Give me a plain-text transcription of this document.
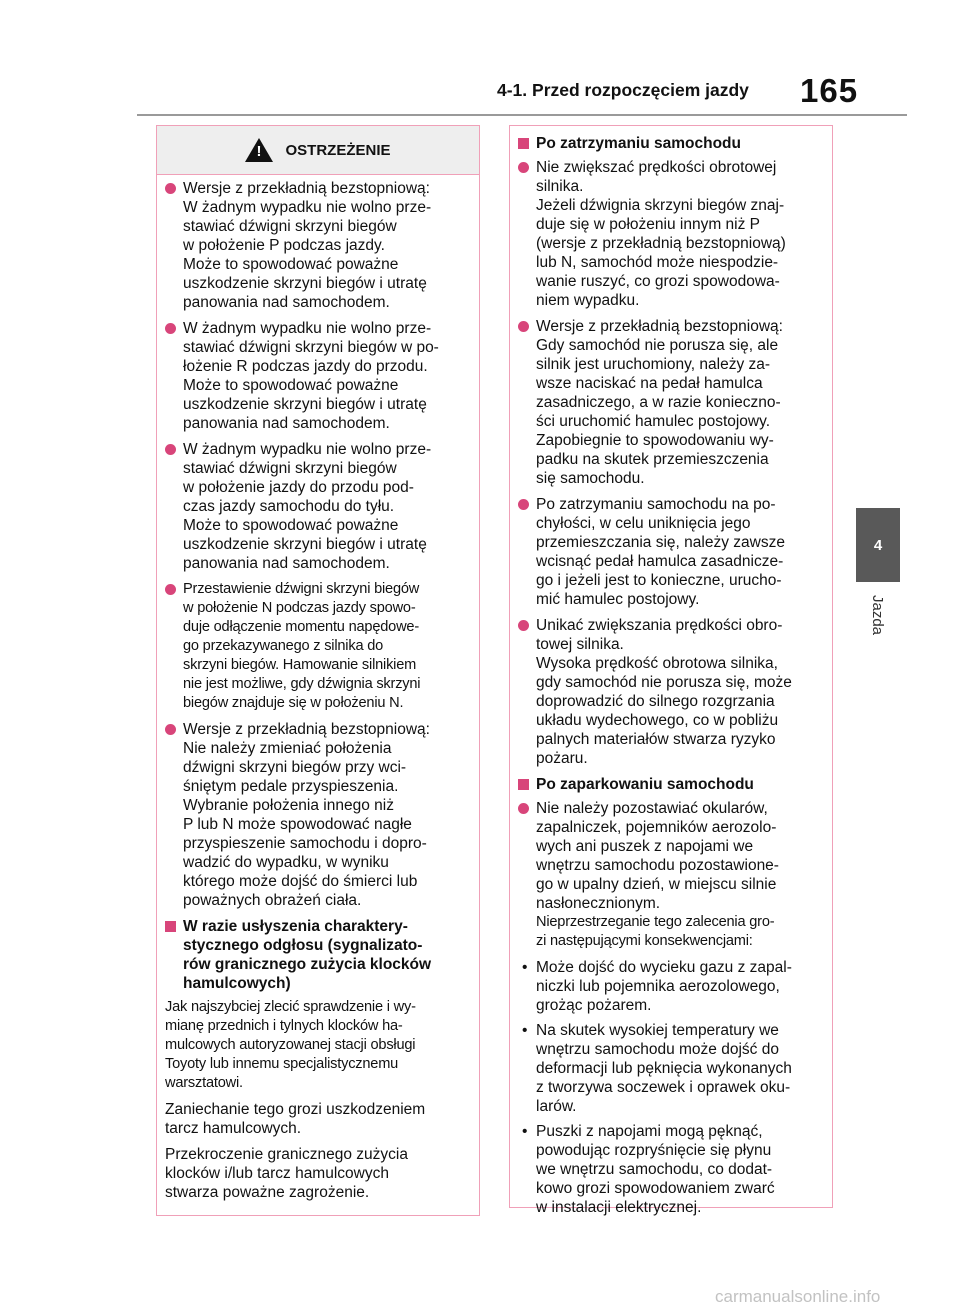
4-1. Przed rozpoczęciem jazdy 165
4
Jazda
!
OSTRZEŻENIE
Wersje z przekładnią bezstopniową:
W żadnym wypadku nie wolno prze-
stawiać dźwigni skrzyni biegów
w położenie P podczas jazdy.
Może to spowodować poważne
uszkodzenie skrzyni biegów i utratę
panowania nad samochodem.
W żadnym wypadku nie wolno prze-
stawiać dźwigni skrzyni biegów w po-
łożenie R podczas jazdy do przodu.
Może to spowodować poważne
uszkodzenie skrzyni biegów i utratę
panowania nad samochodem.
W żadnym wypadku nie wolno prze-
stawiać dźwigni skrzyni biegów
w położenie jazdy do przodu pod-
czas jazdy samochodu do tyłu.
Może to spowodować poważne
uszkodzenie skrzyni biegów i utratę
panowania nad samochodem.
Przestawienie dźwigni skrzyni biegów
w położenie N podczas jazdy spowo-
duje odłączenie momentu napędowe-
go przekazywanego z silnika do
skrzyni biegów. Hamowanie silnikiem
nie jest możliwe, gdy dźwignia skrzyni
biegów znajduje się w położeniu N.
Wersje z przekładnią bezstopniową:
Nie należy zmieniać położenia
dźwigni skrzyni biegów przy wci-
śniętym pedale przyspieszenia.
Wybranie położenia innego niż
P lub N może spowodować nagłe
przyspieszenie samochodu i dopro-
wadzić do wypadku, w wyniku
którego może dojść do śmierci lub
poważnych obrażeń ciała.
W razie usłyszenia charaktery-
stycznego odgłosu (sygnalizato-
rów granicznego zużycia klocków
hamulcowych)
Jak najszybciej zlecić sprawdzenie i wy-
mianę przednich i tylnych klocków ha-
mulcowych autoryzowanej stacji obsługi
Toyoty lub innemu specjalistycznemu
warsztatowi.
Zaniechanie tego grozi uszkodzeniem
tarcz hamulcowych.
Przekroczenie granicznego zużycia
klocków i/lub tarcz hamulcowych
stwarza poważne zagrożenie.
Po zatrzymaniu samochodu
Nie zwiększać prędkości obrotowej
silnika.
Jeżeli dźwignia skrzyni biegów znaj-
duje się w położeniu innym niż P
(wersje z przekładnią bezstopniową)
lub N, samochód może niespodzie-
wanie ruszyć, co grozi spowodowa-
niem wypadku.
Wersje z przekładnią bezstopniową:
Gdy samochód nie porusza się, ale
silnik jest uruchomiony, należy za-
wsze naciskać na pedał hamulca
zasadniczego, a w razie konieczno-
ści uruchomić hamulec postojowy.
Zapobiegnie to spowodowaniu wy-
padku na skutek przemieszczenia
się samochodu.
Po zatrzymaniu samochodu na po-
chyłości, w celu uniknięcia jego
przemieszczania się, należy zawsze
wcisnąć pedał hamulca zasadnicze-
go i jeżeli jest to konieczne, urucho-
mić hamulec postojowy.
Unikać zwiększania prędkości obro-
towej silnika.
Wysoka prędkość obrotowa silnika,
gdy samochód nie porusza się, może
doprowadzić do silnego rozgrzania
układu wydechowego, co w pobliżu
palnych materiałów stwarza ryzyko
pożaru.
Po zaparkowaniu samochodu
Nie należy pozostawiać okularów,
zapalniczek, pojemników aerozolo-
wych ani puszek z napojami we
wnętrzu samochodu pozostawione-
go w upalny dzień, w miejscu silnie
nasłonecznionym.
Nieprzestrzeganie tego zalecenia gro-
zi następującymi konsekwencjami:
• Może dojść do wycieku gazu z zapal-
niczki lub pojemnika aerozolowego,
grożąc pożarem.
• Na skutek wysokiej temperatury we
wnętrzu samochodu może dojść do
deformacji lub pęknięcia wykonanych
z tworzywa soczewek i oprawek oku-
larów.
• Puszki z napojami mogą pęknąć,
powodując rozpryśnięcie się płynu
we wnętrzu samochodu, co dodat-
kowo grozi spowodowaniem zwarć
w instalacji elektrycznej.
carmanualsonline.info
